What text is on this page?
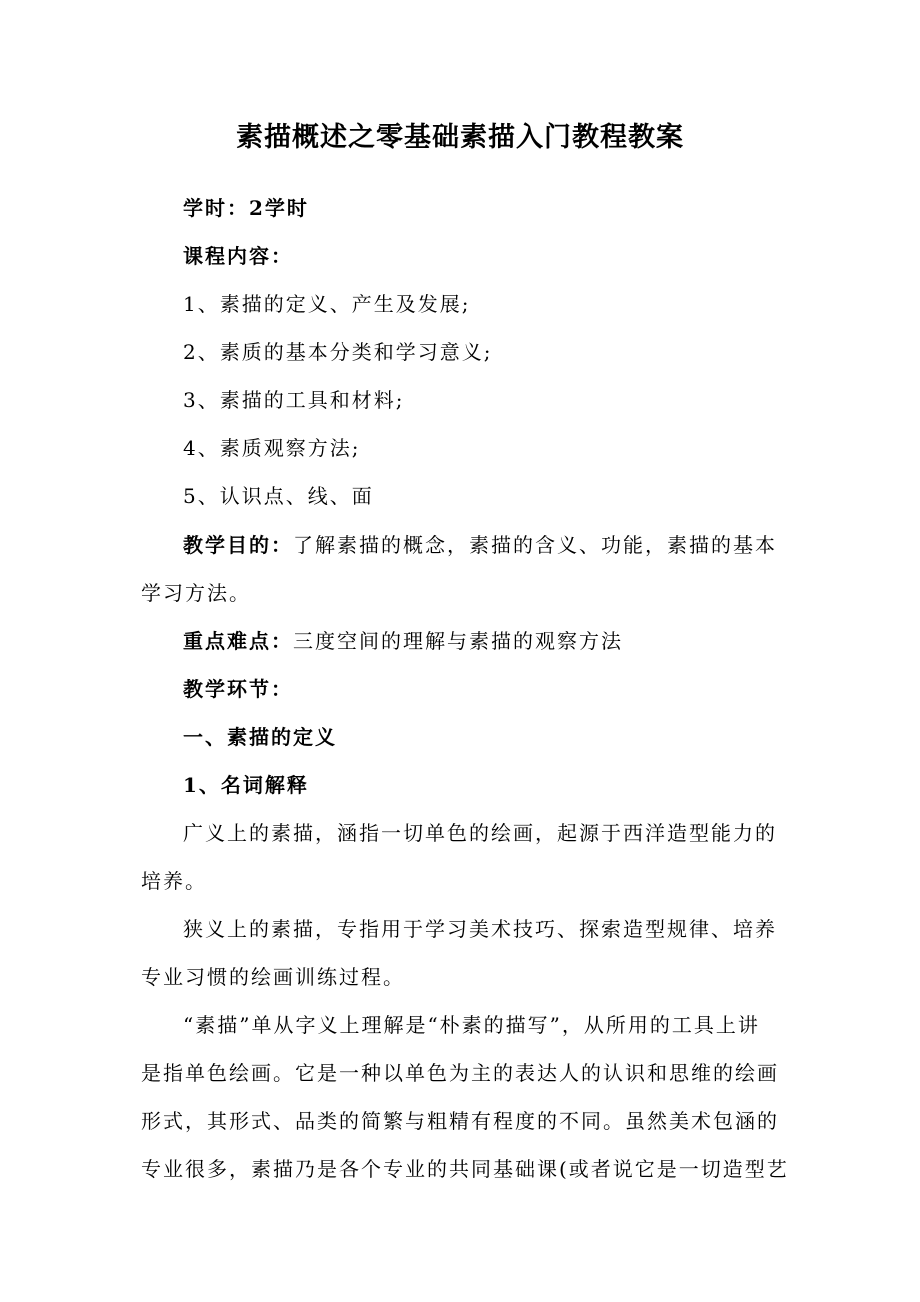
素描概述之零基础素描入门教程教案
学时：2学时
课程内容：
1、素描的定义、产生及发展;
2、素质的基本分类和学习意义;
3、素描的工具和材料;
4、素质观察方法;
5、认识点、线、面
教学目的：了解素描的概念，素描的含义、功能，素描的基本
学习方法。
重点难点：三度空间的理解与素描的观察方法
教学环节：
一、素描的定义
1、名词解释
广义上的素描，涵指一切单色的绘画，起源于西洋造型能力的
培养。
狭义上的素描，专指用于学习美术技巧、探索造型规律、培养
专业习惯的绘画训练过程。
“素描”单从字义上理解是“朴素的描写”，从所用的工具上讲
是指单色绘画。它是一种以单色为主的表达人的认识和思维的绘画
形式，其形式、品类的简繁与粗精有程度的不同。虽然美术包涵的
专业很多，素描乃是各个专业的共同基础课(或者说它是一切造型艺
